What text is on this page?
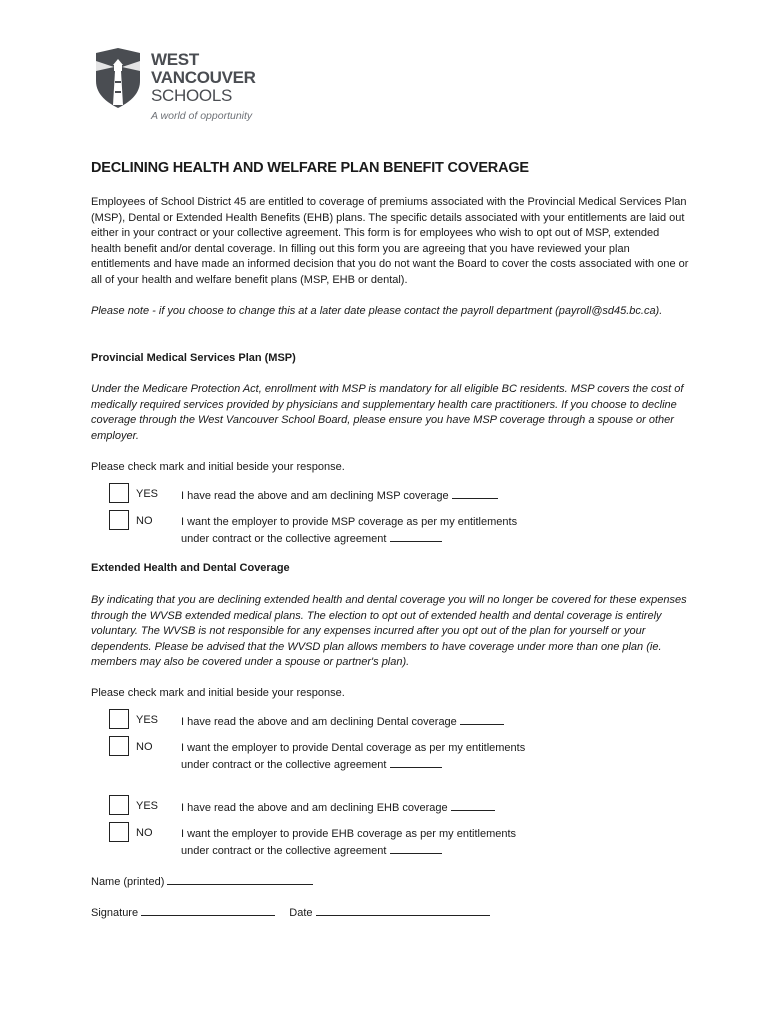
WEST
VANCOUVER
SCHOOLS
A world of opportunity
DECLINING HEALTH AND WELFARE PLAN BENEFIT COVERAGE
Employees of School District 45 are entitled to coverage of premiums associated with the Provincial Medical Services Plan (MSP), Dental or Extended Health Benefits (EHB) plans. The specific details associated with your entitlements are laid out either in your contract or your collective agreement. This form is for employees who wish to opt out of MSP, extended health benefit and/or dental coverage. In filling out this form you are agreeing that you have reviewed your plan entitlements and have made an informed decision that you do not want the Board to cover the costs associated with one or all of your health and welfare benefit plans (MSP, EHB or dental).
Please note - if you choose to change this at a later date please contact the payroll department (payroll@sd45.bc.ca).
Provincial Medical Services Plan (MSP)
Under the Medicare Protection Act, enrollment with MSP is mandatory for all eligible BC residents. MSP covers the cost of medically required services provided by physicians and supplementary health care practitioners. If you choose to decline coverage through the West Vancouver School Board, please ensure you have MSP coverage through a spouse or other employer.
Please check mark and initial beside your response.
YES I have read the above and am declining MSP coverage
NO	I want the employer to provide MSP coverage as per my entitlements
under contract or the collective agreement
Extended Health and Dental Coverage
By indicating that you are declining extended health and dental coverage you will no longer be covered for these expenses through the WVSB extended medical plans. The election to opt out of extended health and dental coverage is entirely voluntary. The WVSB is not responsible for any expenses incurred after you opt out of the plan for yourself or your dependents. Please be advised that the WVSD plan allows members to have coverage under more than one plan (ie. members may also be covered under a spouse or partner's plan).
Please check mark and initial beside your response.
YES I have read the above and am declining Dental coverage
NO	I want the employer to provide Dental coverage as per my entitlements
under contract or the collective agreement
YES I have read the above and am declining EHB coverage
NO	I want the employer to provide EHB coverage as per my entitlements
under contract or the collective agreement
Name (printed)
Signature	Date
